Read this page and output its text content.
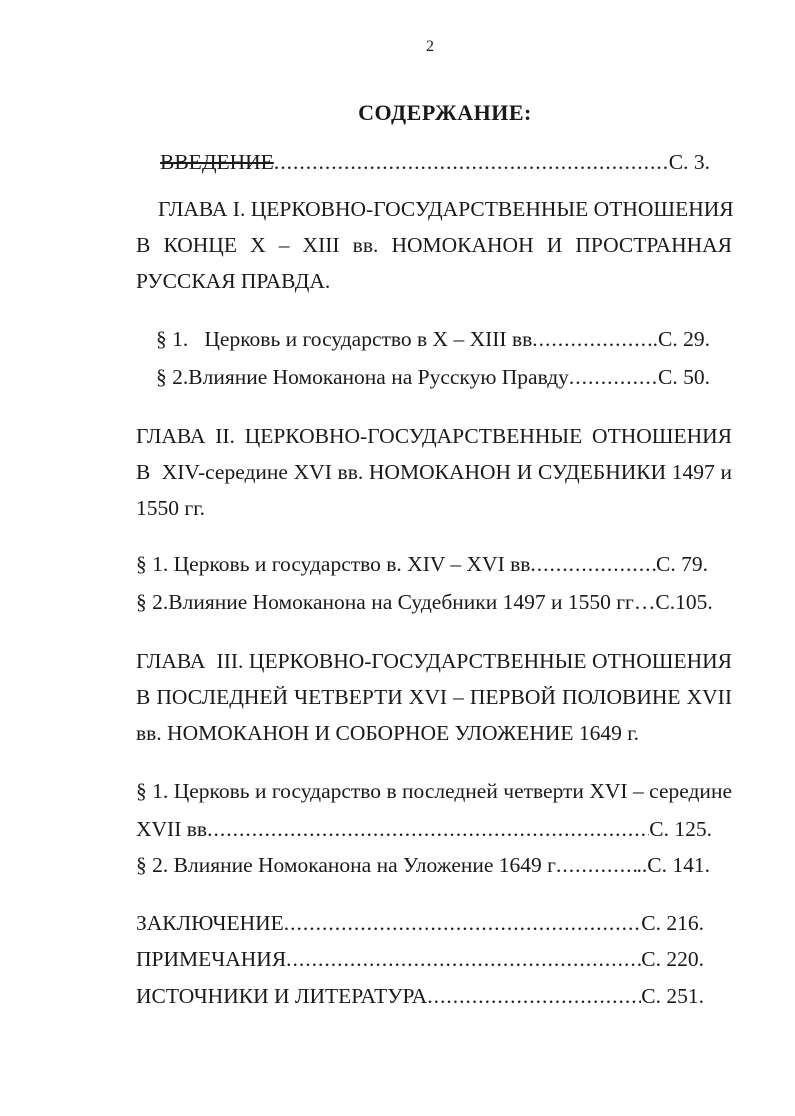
2
СОДЕРЖАНИЕ:
ВВЕДЕНИЕ .....	С. 3.
ГЛАВА I. ЦЕРКОВНО-ГОСУДАРСТВЕННЫЕ ОТНОШЕНИЯ
В КОНЦЕ X – XIII вв. НОМОКАНОН И ПРОСТРАННАЯ
РУССКАЯ ПРАВДА.
§ 1.   Церковь и государство в X – XIII вв .....	..С. 29.
§ 2.Влияние Номоканона на Русскую Правду .....	С. 50.
ГЛАВА II. ЦЕРКОВНО-ГОСУДАРСТВЕННЫЕ ОТНОШЕНИЯ
В  XIV-середине XVI вв. НОМОКАНОН И СУДЕБНИКИ 1497 и
1550 гг.
§ 1. Церковь и государство в. XIV – XVI вв .....	С. 79.
§ 2.Влияние Номоканона на Судебники 1497 и 1550 гг…С.105.
ГЛАВА  III. ЦЕРКОВНО-ГОСУДАРСТВЕННЫЕ ОТНОШЕНИЯ
В ПОСЛЕДНЕЙ ЧЕТВЕРТИ XVI – ПЕРВОЙ ПОЛОВИНЕ XVII
вв. НОМОКАНОН И СОБОРНОЕ УЛОЖЕНИЕ 1649 г.
§ 1. Церковь и государство в последней четверти XVI – середине
XVII вв .....	С. 125.
§ 2. Влияние Номоканона на Уложение 1649 г .....	..С. 141.
ЗАКЛЮЧЕНИЕ .....	С. 216.
ПРИМЕЧАНИЯ .....	С. 220.
ИСТОЧНИКИ И ЛИТЕРАТУРА .....	С. 251.
